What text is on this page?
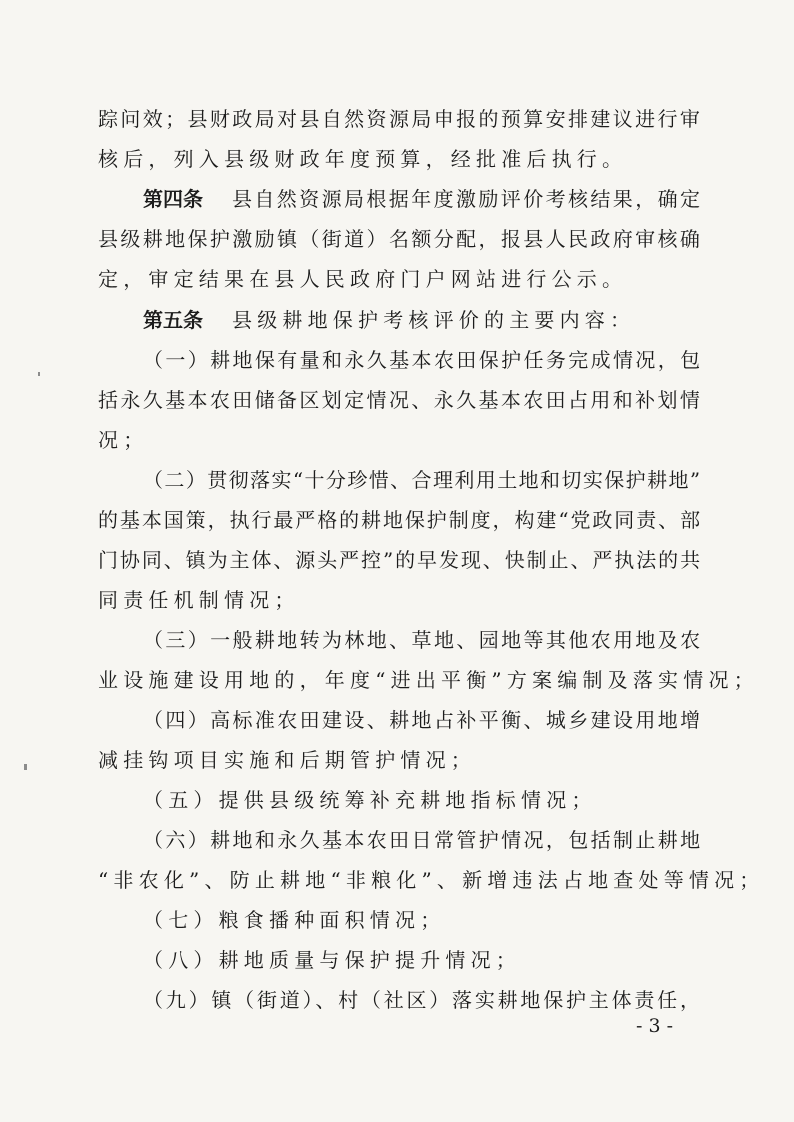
踪问效；县财政局对县自然资源局申报的预算安排建议进行审
核后，列入县级财政年度预算，经批准后执行。
第四条 县自然资源局根据年度激励评价考核结果，确定
县级耕地保护激励镇（街道）名额分配，报县人民政府审核确
定，审定结果在县人民政府门户网站进行公示。
第五条 县级耕地保护考核评价的主要内容：
（一）耕地保有量和永久基本农田保护任务完成情况，包
括永久基本农田储备区划定情况、永久基本农田占用和补划情
况；
（二）贯彻落实“十分珍惜、合理利用土地和切实保护耕地”
的基本国策，执行最严格的耕地保护制度，构建“党政同责、部
门协同、镇为主体、源头严控”的早发现、快制止、严执法的共
同责任机制情况；
（三）一般耕地转为林地、草地、园地等其他农用地及农
业设施建设用地的，年度“进出平衡”方案编制及落实情况；
（四）高标准农田建设、耕地占补平衡、城乡建设用地增
减挂钩项目实施和后期管护情况；
（五）提供县级统筹补充耕地指标情况；
（六）耕地和永久基本农田日常管护情况，包括制止耕地
“非农化”、防止耕地“非粮化”、新增违法占地查处等情况；
（七）粮食播种面积情况；
（八）耕地质量与保护提升情况；
（九）镇（街道）、村（社区）落实耕地保护主体责任，
- 3 -
